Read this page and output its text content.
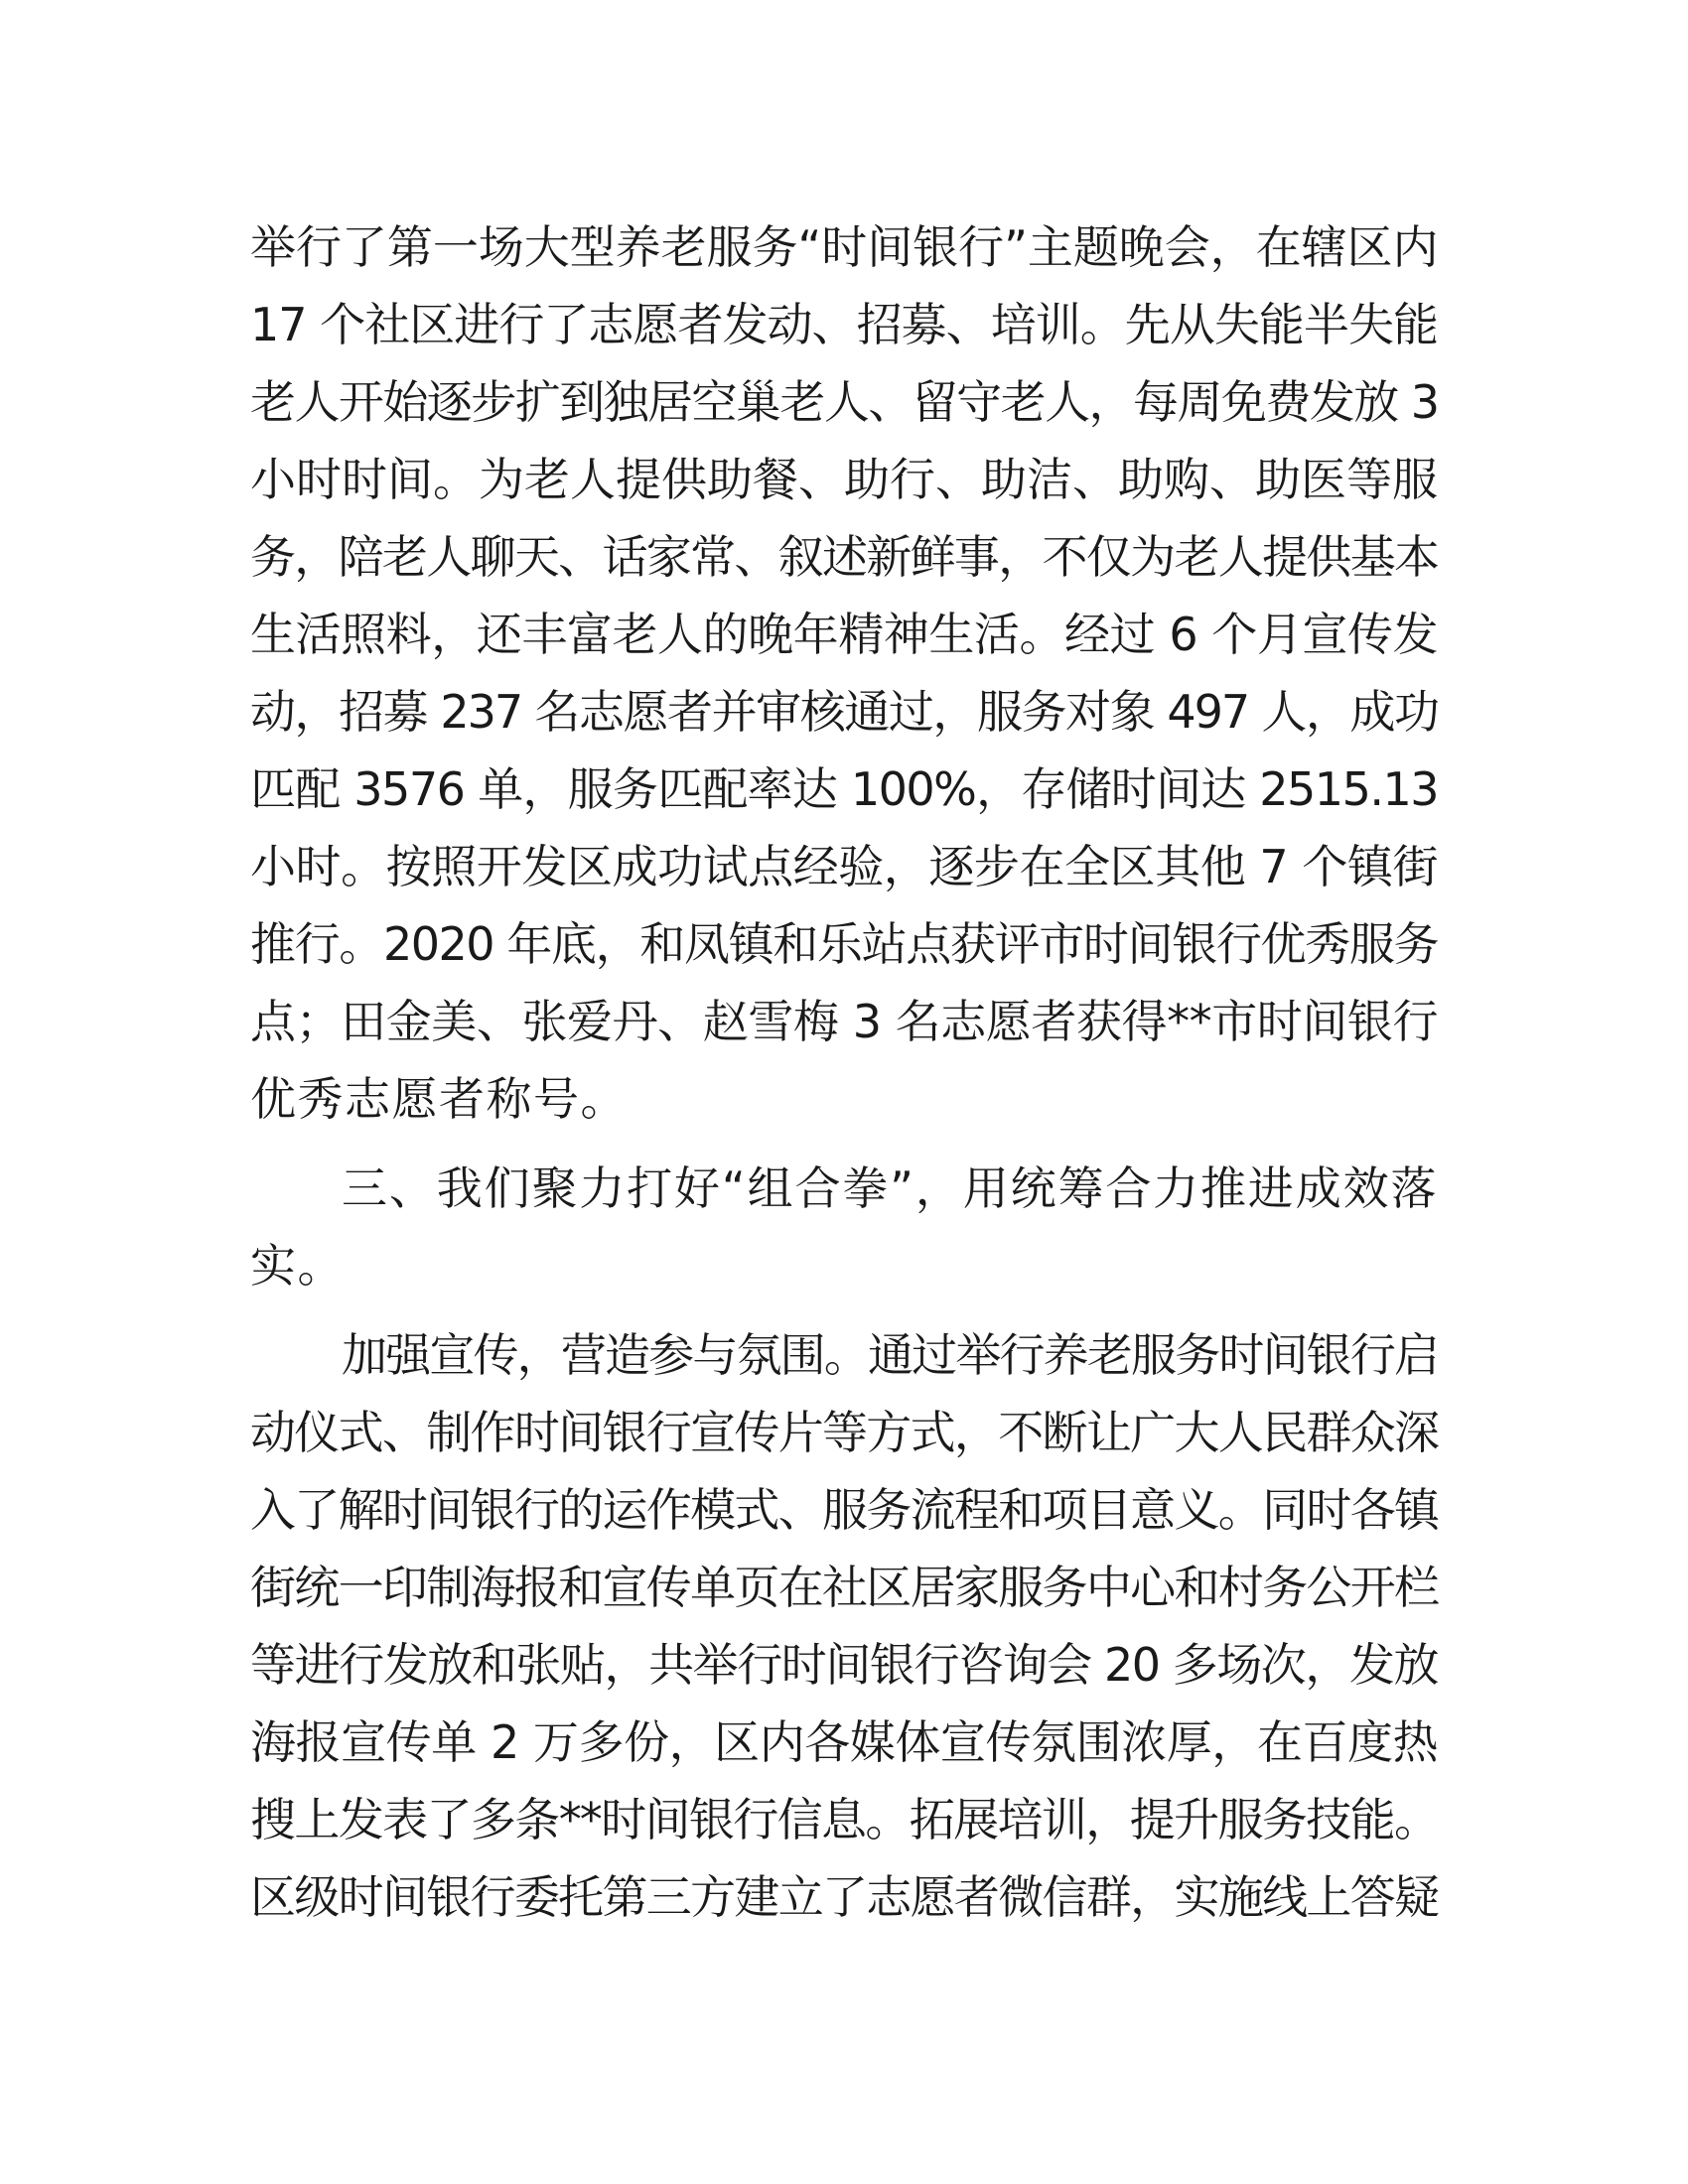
举行了第一场大型养老服务“时间银行”主题晚会，在辖区内
17 个社区进行了志愿者发动、招募、培训。先从失能半失能
老人开始逐步扩到独居空巢老人、留守老人，每周免费发放 3
小时时间。为老人提供助餐、助行、助洁、助购、助医等服
务，陪老人聊天、话家常、叙述新鲜事，不仅为老人提供基本
生活照料，还丰富老人的晚年精神生活。经过 6 个月宣传发
动，招募 237 名志愿者并审核通过，服务对象 497 人，成功
匹配 3576 单，服务匹配率达 100%，存储时间达 2515.13
小时。按照开发区成功试点经验，逐步在全区其他 7 个镇街
推行。2020 年底，和凤镇和乐站点获评市时间银行优秀服务
点；田金美、张爱丹、赵雪梅 3 名志愿者获得**市时间银行
优秀志愿者称号。
三、我们聚力打好“组合拳”，用统筹合力推进成效落
实。
加强宣传，营造参与氛围。通过举行养老服务时间银行启
动仪式、制作时间银行宣传片等方式，不断让广大人民群众深
入了解时间银行的运作模式、服务流程和项目意义。同时各镇
街统一印制海报和宣传单页在社区居家服务中心和村务公开栏
等进行发放和张贴，共举行时间银行咨询会 20 多场次，发放
海报宣传单 2 万多份，区内各媒体宣传氛围浓厚，在百度热
搜上发表了多条**时间银行信息。拓展培训，提升服务技能。
区级时间银行委托第三方建立了志愿者微信群，实施线上答疑
